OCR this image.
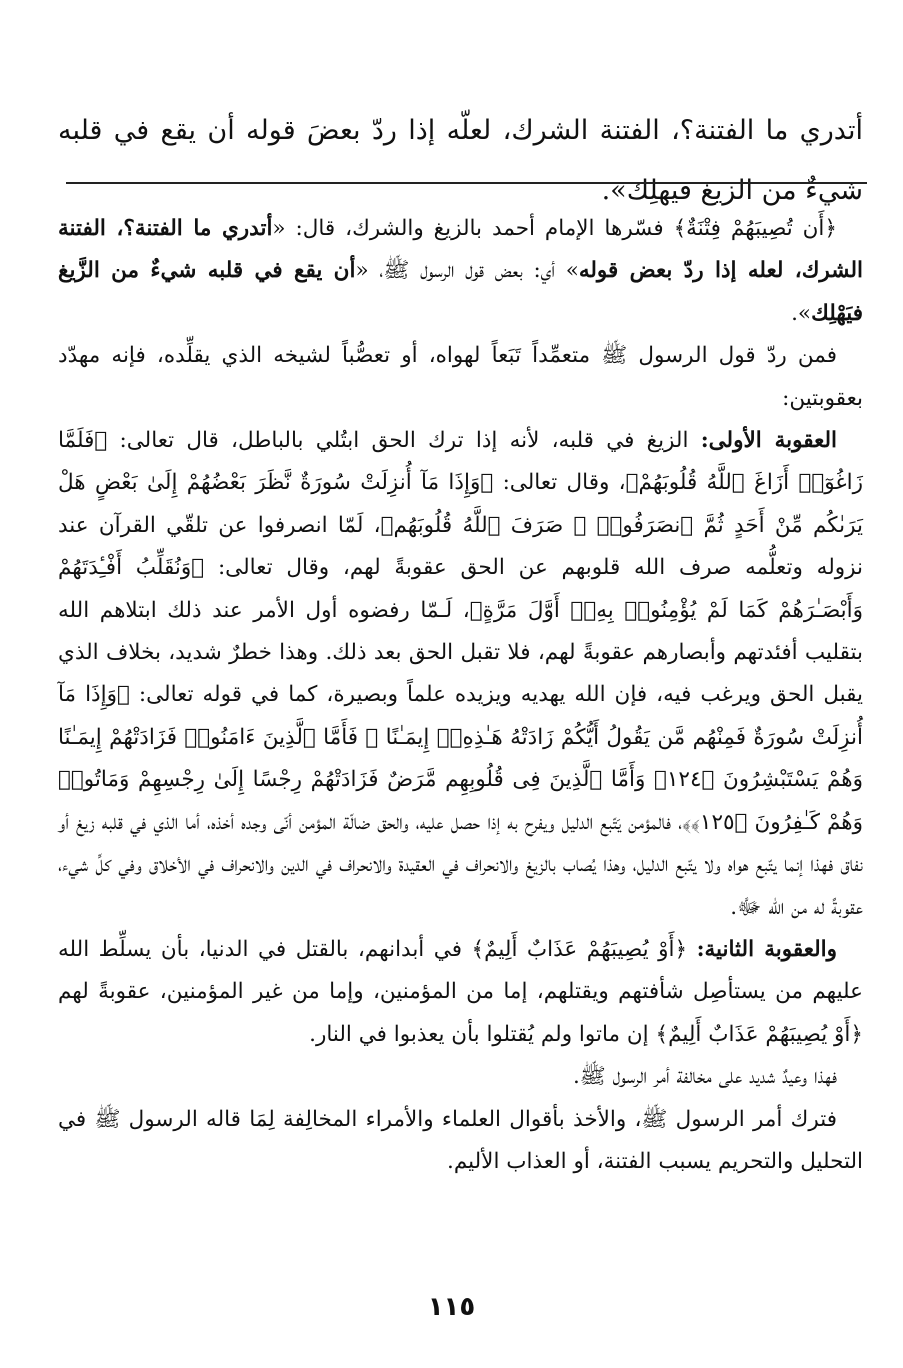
أتدري ما الفتنة؟، الفتنة الشرك، لعلّه إذا ردّ بعضَ قوله أن يقع في قلبه شيءٌ من الزيغ فيهلِك».

﴿أَن تُصِيبَهُمْ فِتْنَةٌ﴾ فسّرها الإمام أحمد بالزيغ والشرك، قال: «أتدري ما الفتنة؟، الفتنة الشرك، لعله إذا ردّ بعض قوله» أي: بعض قول الرسول ﷺ، «أن يقع في قلبه شيءٌ من الزَّيغ فيَهْلِك».

فمن ردّ قول الرسول ﷺ متعمِّداً تَبَعاً لهواه، أو تعصُّباً لشيخه الذي يقلِّده، فإنه مهدّد بعقوبتين:

العقوبة الأولى: الزيغ في قلبه، لأنه إذا ترك الحق ابتُلي بالباطل، قال تعالى: ﴿فَلَمَّا زَاغُوٓا۟ أَزَاغَ ٱللَّهُ قُلُوبَهُمْ﴾، وقال تعالى: ﴿وَإِذَا مَآ أُنزِلَتْ سُورَةٌ نَّظَرَ بَعْضُهُمْ إِلَىٰ بَعْضٍ هَلْ يَرَىٰكُم مِّنْ أَحَدٍ ثُمَّ ٱنصَرَفُوا۟ ۚ صَرَفَ ٱللَّهُ قُلُوبَهُم﴾، لَمّا انصرفوا عن تلقّي القرآن عند نزوله وتعلُّمه صرف الله قلوبهم عن الحق عقوبةً لهم، وقال تعالى: ﴿وَنُقَلِّبُ أَفْـِٔدَتَهُمْ وَأَبْصَـٰرَهُمْ كَمَا لَمْ يُؤْمِنُوا۟ بِهِۦٓ أَوَّلَ مَرَّةٍ﴾، لَـمّا رفضوه أول الأمر عند ذلك ابتلاهم الله بتقليب أفئدتهم وأبصارهم عقوبةً لهم، فلا تقبل الحق بعد ذلك. وهذا خطرٌ شديد، بخلاف الذي يقبل الحق ويرغب فيه، فإن الله يهديه ويزيده علماً وبصيرة، كما في قوله تعالى: ﴿وَإِذَا مَآ أُنزِلَتْ سُورَةٌ فَمِنْهُم مَّن يَقُولُ أَيُّكُمْ زَادَتْهُ هَـٰذِهِۦٓ إِيمَـٰنًا ۚ فَأَمَّا ٱلَّذِينَ ءَامَنُوا۟ فَزَادَتْهُمْ إِيمَـٰنًا وَهُمْ يَسْتَبْشِرُونَ ﴿١٢٤﴾ وَأَمَّا ٱلَّذِينَ فِى قُلُوبِهِم مَّرَضٌ فَزَادَتْهُمْ رِجْسًا إِلَىٰ رِجْسِهِمْ وَمَاتُوا۟ وَهُمْ كَـٰفِرُونَ ﴿١٢٥﴾﴾، فالمؤمن يَتّبع الدليل ويفرح به إذا حصل عليه، والحق ضالّة المؤمن أنّى وجده أخذه، أما الذي في قلبه زيغ أو نفاق فهذا إنما يتّبع هواه ولا يتّبع الدليل، وهذا يُصاب بالزيغ والانحراف في العقيدة والانحراف في الدين والانحراف في الأخلاق وفي كلِّ شيء، عقوبةً له من الله ﷻ.

والعقوبة الثانية: ﴿أَوْ يُصِيبَهُمْ عَذَابٌ أَلِيمٌ﴾ في أبدانهم، بالقتل في الدنيا، بأن يسلِّط الله عليهم من يستأصِل شأفتهم ويقتلهم، إما من المؤمنين، وإما من غير المؤمنين، عقوبةً لهم ﴿أَوْ يُصِيبَهُمْ عَذَابٌ أَلِيمٌ﴾ إن ماتوا ولم يُقتلوا بأن يعذبوا في النار.

فهذا وعيدٌ شديد على مخالفة أمر الرسول ﷺ.

فترك أمر الرسول ﷺ، والأخذ بأقوال العلماء والأمراء المخالِفة لِمَا قاله الرسول ﷺ في التحليل والتحريم يسبب الفتنة، أو العذاب الأليم.

١١٥
